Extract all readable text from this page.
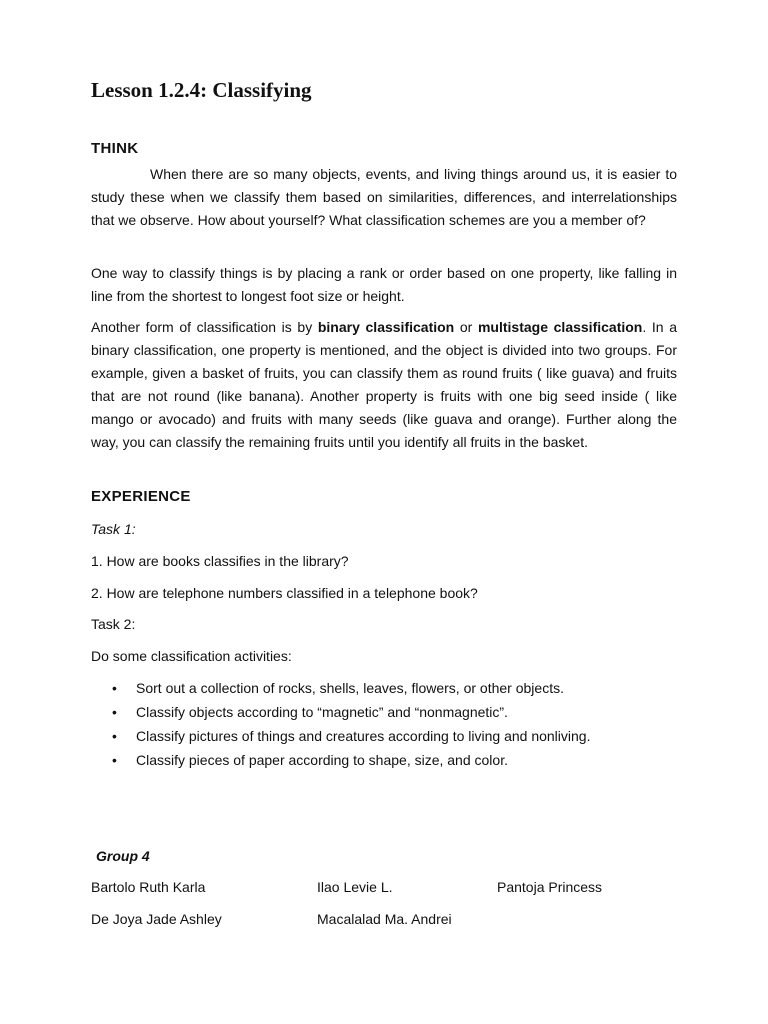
Lesson 1.2.4: Classifying
THINK

When there are so many objects, events, and living things around us, it is easier to study these when we classify them based on similarities, differences, and interrelationships that we observe. How about yourself? What classification schemes are you a member of?

One way to classify things is by placing a rank or order based on one property, like falling in line from the shortest to longest foot size or height.

Another form of classification is by binary classification or multistage classification. In a binary classification, one property is mentioned, and the object is divided into two groups. For example, given a basket of fruits, you can classify them as round fruits ( like guava) and fruits that are not round (like banana). Another property is fruits with one big seed inside ( like mango or avocado) and fruits with many seeds (like guava and orange). Further along the way, you can classify the remaining fruits until you identify all fruits in the basket.

EXPERIENCE
Task 1:
1. How are books classifies in the library?
2. How are telephone numbers classified in a telephone book?
Task 2:
Do some classification activities:
• Sort out a collection of rocks, shells, leaves, flowers, or other objects.
• Classify objects according to “magnetic” and “nonmagnetic”.
• Classify pictures of things and creatures according to living and nonliving.
• Classify pieces of paper according to shape, size, and color.
Group 4
Bartolo Ruth Karla	Ilao Levie L.	Pantoja Princess
De Joya Jade Ashley	Macalalad Ma. Andrei
